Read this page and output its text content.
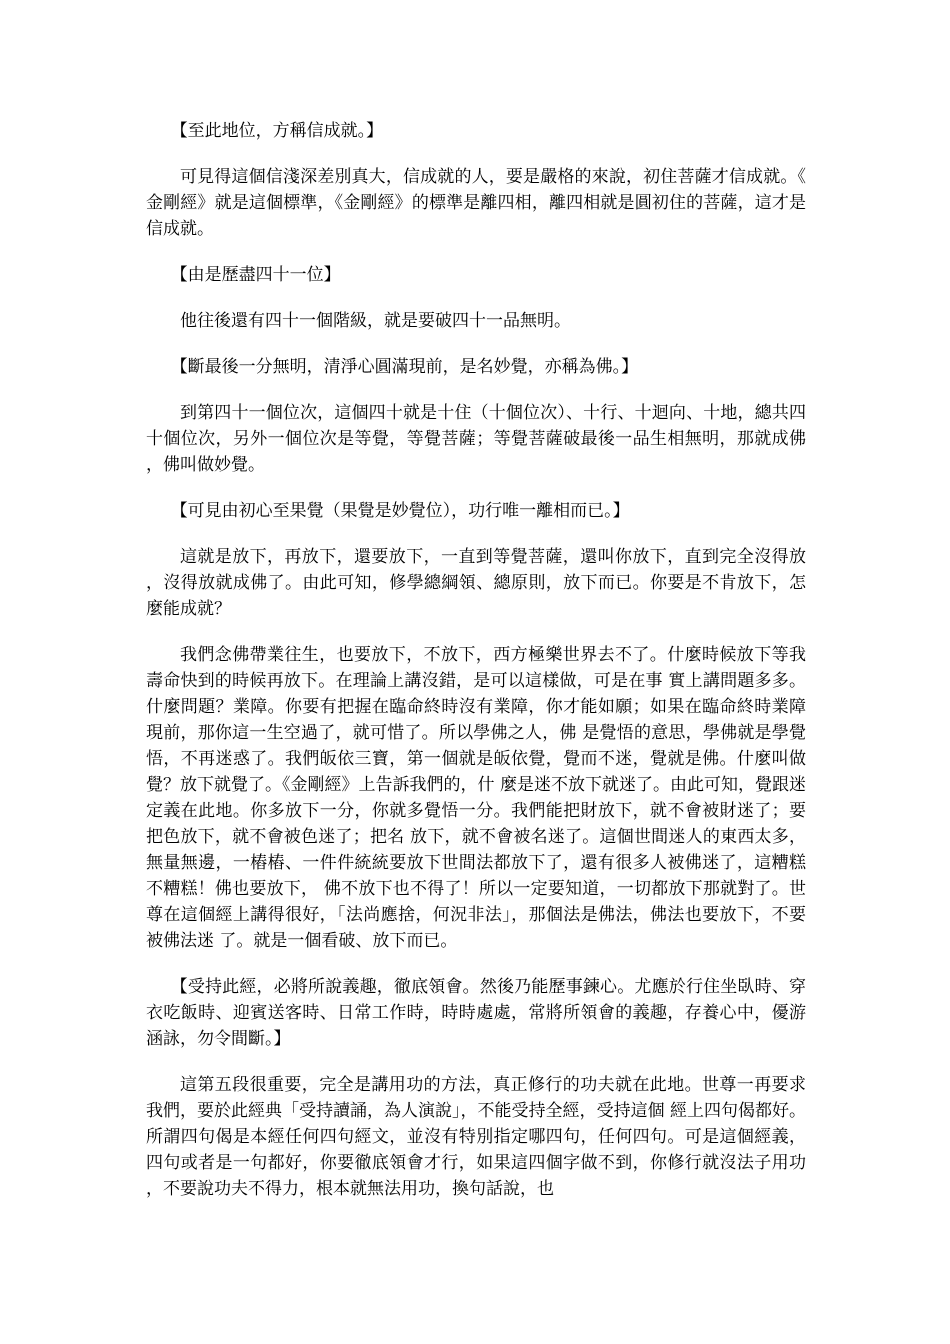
【至此地位，方稱信成就。】

可見得這個信淺深差別真大，信成就的人，要是嚴格的來說，初住菩薩才信成就。《金剛經》就是這個標準，《金剛經》的標準是離四相，離四相就是圓初住的菩薩，這才是信成就。

【由是歷盡四十一位】

他往後還有四十一個階級，就是要破四十一品無明。

【斷最後一分無明，清淨心圓滿現前，是名妙覺，亦稱為佛。】

到第四十一個位次，這個四十就是十住（十個位次）、十行、十迴向、十地，總共四十個位次，另外一個位次是等覺，等覺菩薩；等覺菩薩破最後一品生相無明，那就成佛，佛叫做妙覺。

【可見由初心至果覺（果覺是妙覺位），功行唯一離相而已。】

這就是放下，再放下，還要放下，一直到等覺菩薩，還叫你放下，直到完全沒得放，沒得放就成佛了。由此可知，修學總綱領、總原則，放下而已。你要是不肯放下，怎麼能成就？

我們念佛帶業往生，也要放下，不放下，西方極樂世界去不了。什麼時候放下等我壽命快到的時候再放下。在理論上講沒錯，是可以這樣做，可是在事 實上講問題多多。什麼問題？業障。你要有把握在臨命終時沒有業障，你才能如願；如果在臨命終時業障現前，那你這一生空過了，就可惜了。所以學佛之人，佛 是覺悟的意思，學佛就是學覺悟，不再迷惑了。我們皈依三寶，第一個就是皈依覺，覺而不迷，覺就是佛。什麼叫做覺？放下就覺了。《金剛經》上告訴我們的，什 麼是迷不放下就迷了。由此可知，覺跟迷定義在此地。你多放下一分，你就多覺悟一分。我們能把財放下，就不會被財迷了；要把色放下，就不會被色迷了；把名 放下，就不會被名迷了。這個世間迷人的東西太多，無量無邊，一樁樁、一件件統統要放下世間法都放下了，還有很多人被佛迷了，這糟糕不糟糕！佛也要放下， 佛不放下也不得了！所以一定要知道，一切都放下那就對了。世尊在這個經上講得很好，「法尚應捨，何況非法」，那個法是佛法，佛法也要放下，不要被佛法迷 了。就是一個看破、放下而已。

【受持此經，必將所說義趣，徹底領會。然後乃能歷事鍊心。尤應於行住坐臥時、穿衣吃飯時、迎賓送客時、日常工作時，時時處處，常將所領會的義趣，存養心中，優游涵詠，勿令間斷。】

這第五段很重要，完全是講用功的方法，真正修行的功夫就在此地。世尊一再要求我們，要於此經典「受持讀誦，為人演說」，不能受持全經，受持這個 經上四句偈都好。所謂四句偈是本經任何四句經文，並沒有特別指定哪四句，任何四句。可是這個經義，四句或者是一句都好，你要徹底領會才行，如果這四個字做不到，你修行就沒法子用功，不要說功夫不得力，根本就無法用功，換句話說，也
